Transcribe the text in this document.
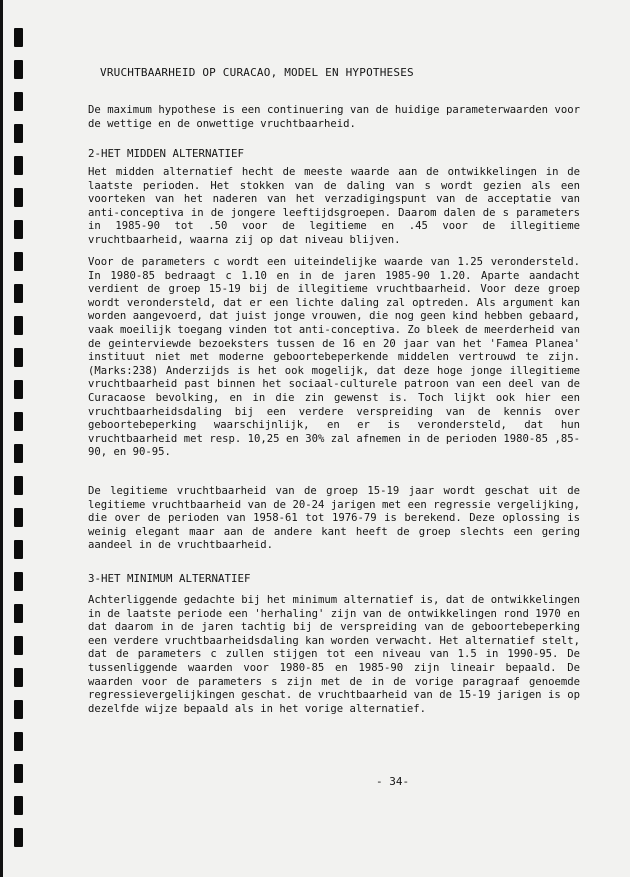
VRUCHTBAARHEID OP CURACAO, MODEL EN HYPOTHESES

De maximum hypothese is een continuering van de huidige parameterwaarden voor de wettige en de onwettige vruchtbaarheid.

2-HET MIDDEN ALTERNATIEF

Het midden alternatief hecht de meeste waarde aan de ontwikkelingen in de laatste perioden. Het stokken van de daling van s wordt gezien als een voorteken van het naderen van het verzadigingspunt van de acceptatie van anti-conceptiva in de jongere leeftijdsgroepen. Daarom dalen de s parameters in 1985-90 tot .50 voor de legitieme en .45 voor de illegitieme vruchtbaarheid, waarna zij op dat niveau blijven.

Voor de parameters c wordt een uiteindelijke waarde van 1.25 verondersteld. In 1980-85 bedraagt c 1.10 en in de jaren 1985-90 1.20. Aparte aandacht verdient de groep 15-19 bij de illegitieme vruchtbaarheid. Voor deze groep wordt verondersteld, dat er een lichte daling zal optreden. Als argument kan worden aangevoerd, dat juist jonge vrouwen, die nog geen kind hebben gebaard, vaak moeilijk toegang vinden tot anti-conceptiva. Zo bleek de meerderheid van de geinterviewde bezoeksters tussen de 16 en 20 jaar van het 'Famea Planea' instituut niet met moderne geboortebeperkende middelen vertrouwd te zijn.(Marks:238) Anderzijds is het ook mogelijk, dat deze hoge jonge illegitieme vruchtbaarheid past binnen het sociaal-culturele patroon van een deel van de Curacaose bevolking, en in die zin gewenst is. Toch lijkt ook hier een vruchtbaarheidsdaling bij een verdere verspreiding van de kennis over geboortebeperking waarschijnlijk, en er is verondersteld, dat hun vruchtbaarheid met resp. 10,25 en 30% zal afnemen in de perioden 1980-85 ,85-90, en 90-95.

De legitieme vruchtbaarheid van de groep 15-19 jaar wordt geschat uit de legitieme vruchtbaarheid van de 20-24 jarigen met een regressie vergelijking, die over de perioden van 1958-61 tot 1976-79 is berekend. Deze oplossing is weinig elegant maar aan de andere kant heeft de groep slechts een gering aandeel in de vruchtbaarheid.

3-HET MINIMUM ALTERNATIEF

Achterliggende gedachte bij het minimum alternatief is, dat de ontwikkelingen in de laatste periode een 'herhaling' zijn van de ontwikkelingen rond 1970 en dat daarom in de jaren tachtig bij de verspreiding van de geboortebeperking een verdere vruchtbaarheidsdaling kan worden verwacht. Het alternatief stelt, dat de parameters c zullen stijgen tot een niveau van 1.5 in 1990-95. De tussenliggende waarden voor 1980-85 en 1985-90 zijn lineair bepaald. De waarden voor de parameters s zijn met de in de vorige paragraaf genoemde regressievergelijkingen geschat. de vruchtbaarheid van de 15-19 jarigen is op dezelfde wijze bepaald als in het vorige alternatief.

- 34-
